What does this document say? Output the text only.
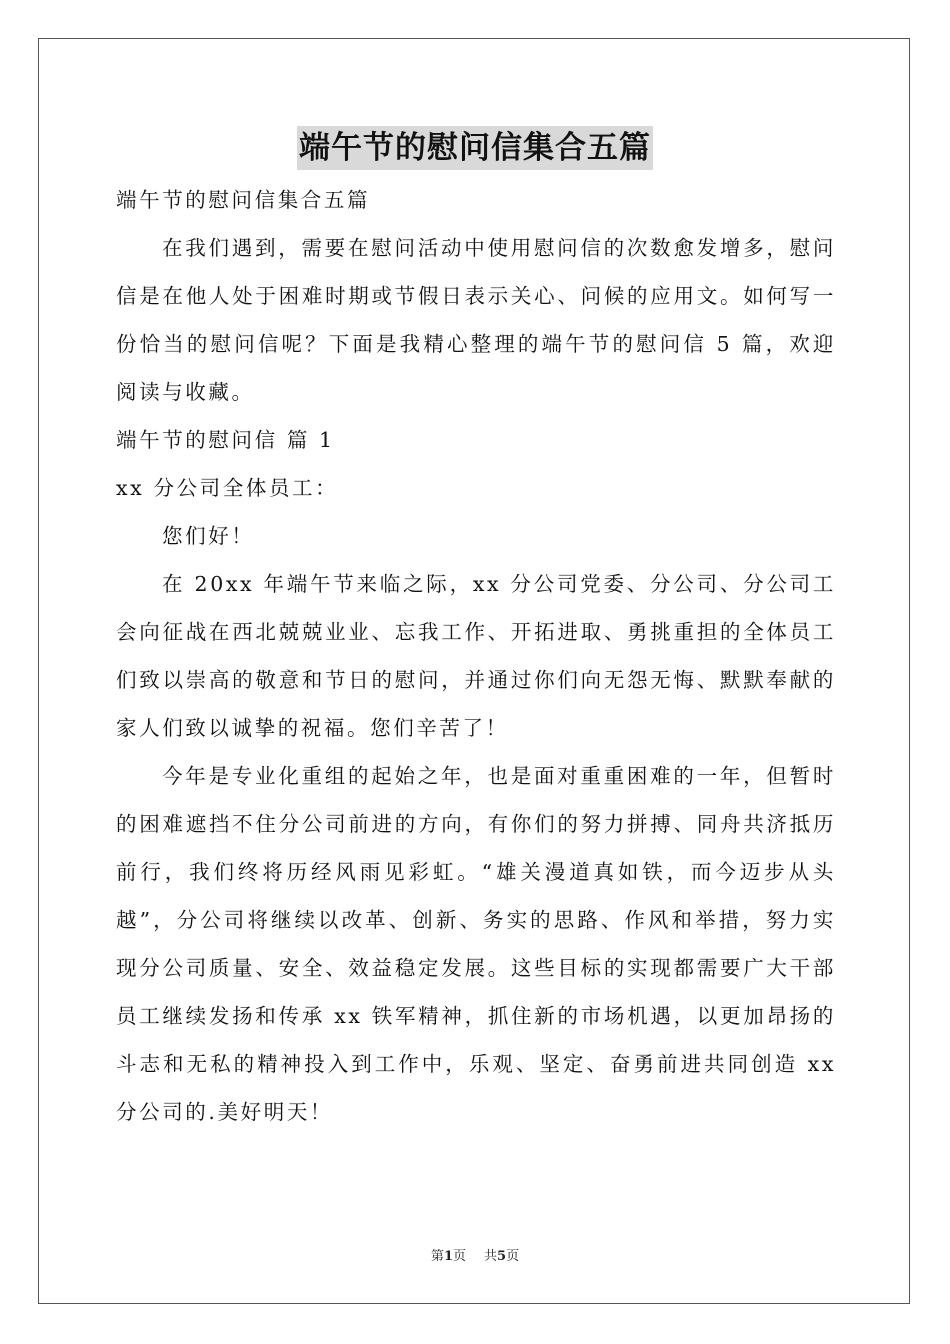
端午节的慰问信集合五篇

端午节的慰问信集合五篇

在我们遇到，需要在慰问活动中使用慰问信的次数愈发增多，慰问信是在他人处于困难时期或节假日表示关心、问候的应用文。如何写一份恰当的慰问信呢？下面是我精心整理的端午节的慰问信 5 篇，欢迎阅读与收藏。

端午节的慰问信 篇 1

xx 分公司全体员工：

您们好！

在 20xx 年端午节来临之际，xx 分公司党委、分公司、分公司工会向征战在西北兢兢业业、忘我工作、开拓进取、勇挑重担的全体员工们致以崇高的敬意和节日的慰问，并通过你们向无怨无悔、默默奉献的家人们致以诚挚的祝福。您们辛苦了！

今年是专业化重组的起始之年，也是面对重重困难的一年，但暂时的困难遮挡不住分公司前进的方向，有你们的努力拼搏、同舟共济抵历前行，我们终将历经风雨见彩虹。“雄关漫道真如铁，而今迈步从头越”，分公司将继续以改革、创新、务实的思路、作风和举措，努力实现分公司质量、安全、效益稳定发展。这些目标的实现都需要广大干部员工继续发扬和传承 xx 铁军精神，抓住新的市场机遇，以更加昂扬的斗志和无私的精神投入到工作中，乐观、坚定、奋勇前进共同创造 xx 分公司的.美好明天！

第1页 共5页
